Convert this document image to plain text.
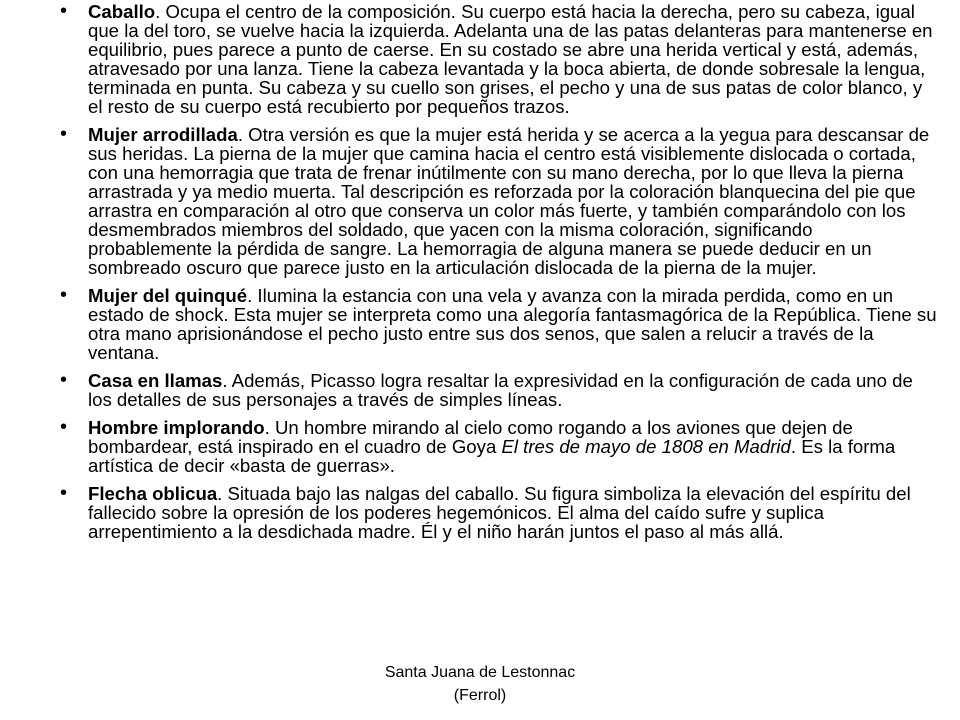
• Caballo. Ocupa el centro de la composición. Su cuerpo está hacia la derecha, pero su cabeza, igual que la del toro, se vuelve hacia la izquierda. Adelanta una de las patas delanteras para mantenerse en equilibrio, pues parece a punto de caerse. En su costado se abre una herida vertical y está, además, atravesado por una lanza. Tiene la cabeza levantada y la boca abierta, de donde sobresale la lengua, terminada en punta. Su cabeza y su cuello son grises, el pecho y una de sus patas de color blanco, y el resto de su cuerpo está recubierto por pequeños trazos.
• Mujer arrodillada. Otra versión es que la mujer está herida y se acerca a la yegua para descansar de sus heridas. La pierna de la mujer que camina hacia el centro está visiblemente dislocada o cortada, con una hemorragia que trata de frenar inútilmente con su mano derecha, por lo que lleva la pierna arrastrada y ya medio muerta. Tal descripción es reforzada por la coloración blanquecina del pie que arrastra en comparación al otro que conserva un color más fuerte, y también comparándolo con los desmembrados miembros del soldado, que yacen con la misma coloración, significando probablemente la pérdida de sangre. La hemorragia de alguna manera se puede deducir en un sombreado oscuro que parece justo en la articulación dislocada de la pierna de la mujer.
• Mujer del quinqué. Ilumina la estancia con una vela y avanza con la mirada perdida, como en un estado de shock. Esta mujer se interpreta como una alegoría fantasmagórica de la República. Tiene su otra mano aprisionándose el pecho justo entre sus dos senos, que salen a relucir a través de la ventana.
• Casa en llamas. Además, Picasso logra resaltar la expresividad en la configuración de cada uno de los detalles de sus personajes a través de simples líneas.
• Hombre implorando. Un hombre mirando al cielo como rogando a los aviones que dejen de bombardear, está inspirado en el cuadro de Goya El tres de mayo de 1808 en Madrid. Es la forma artística de decir «basta de guerras».
• Flecha oblicua. Situada bajo las nalgas del caballo. Su figura simboliza la elevación del espíritu del fallecido sobre la opresión de los poderes hegemónicos. El alma del caído sufre y suplica arrepentimiento a la desdichada madre. Él y el niño harán juntos el paso al más allá.
Santa Juana de Lestonnac
(Ferrol)
